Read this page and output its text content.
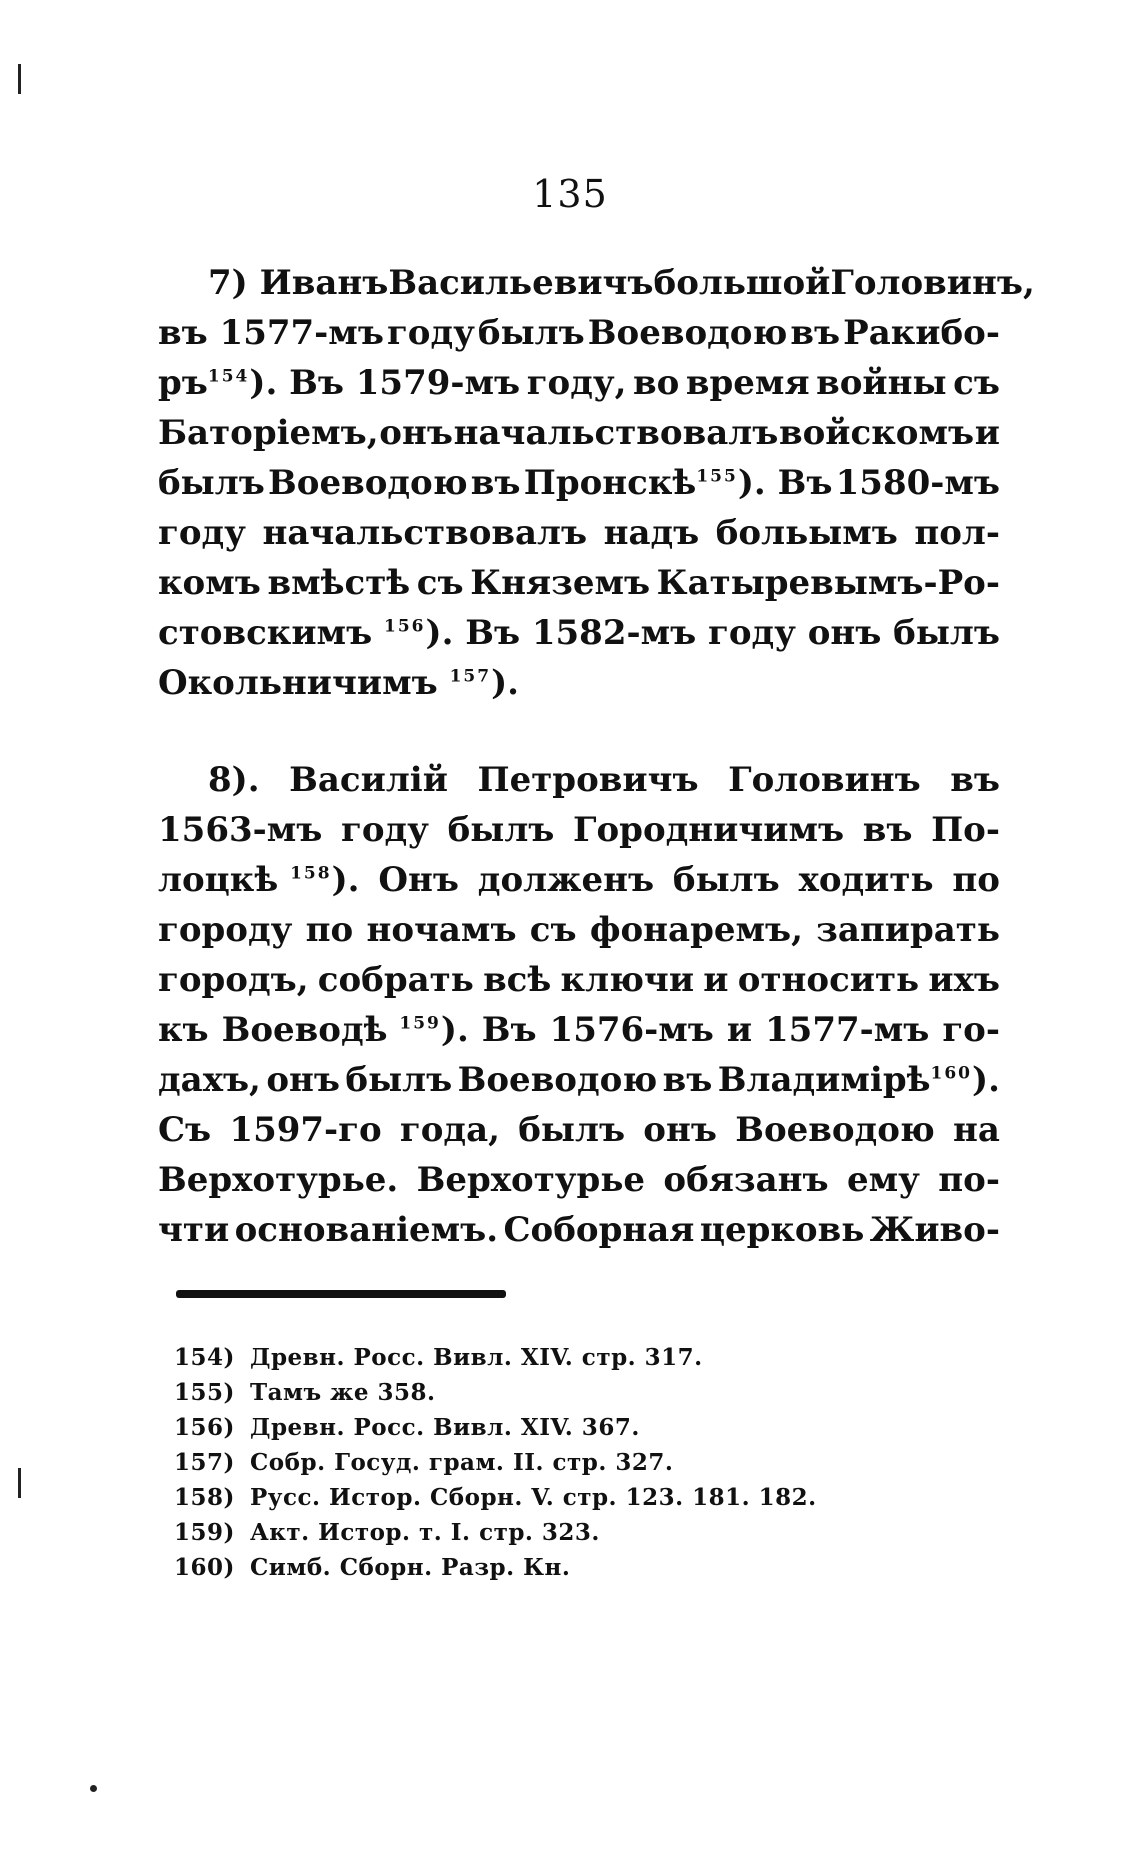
135
7) Иванъ Васильевичъ большой Головинъ,
въ 1577-мъ году былъ Воеводою въ Ракибо-
$ръ^{154}$). Въ 1579-мъ году, во время войны съ
Баторіемъ, онъ начальствовалъ войскомъ и
былъ Воеводою въ Пронскѣ$^{155}$). Въ 1580-мъ
году начальствовалъ надъ больымъ пол-
комъ вмѣстѣ съ Княземъ Катыревымъ-Ро-
стовскимъ $^{156}$). Въ 1582-мъ году онъ былъ
Окольничимъ $^{157}$).
8). Василій Петровичъ Головинъ въ
1563-мъ году былъ Городничимъ въ По-
лоцкѣ $^{158}$). Онъ долженъ былъ ходить по
городу по ночамъ съ фонаремъ, запирать
городъ, собрать всѣ ключи и относить ихъ
къ Воеводѣ $^{159}$). Въ 1576-мъ и 1577-мъ го-
дахъ, онъ былъ Воеводою въ Владимірѣ$^{160}$).
Съ 1597-го года, былъ онъ Воеводою на
Верхотурье. Верхотурье обязанъ ему по-
чти основаніемъ. Соборная церковь Живо-
154) Древн. Росс. Вивл. XIV. стр. 317.
155) Тамъ же 358.
156) Древн. Росс. Вивл. XIV. 367.
157) Собр. Госуд. грам. II. стр. 327.
158) Русс. Истор. Сборн. V. стр. 123. 181. 182.
159) Акт. Истор. т. I. стр. 323.
160) Симб. Сборн. Разр. Кн.
